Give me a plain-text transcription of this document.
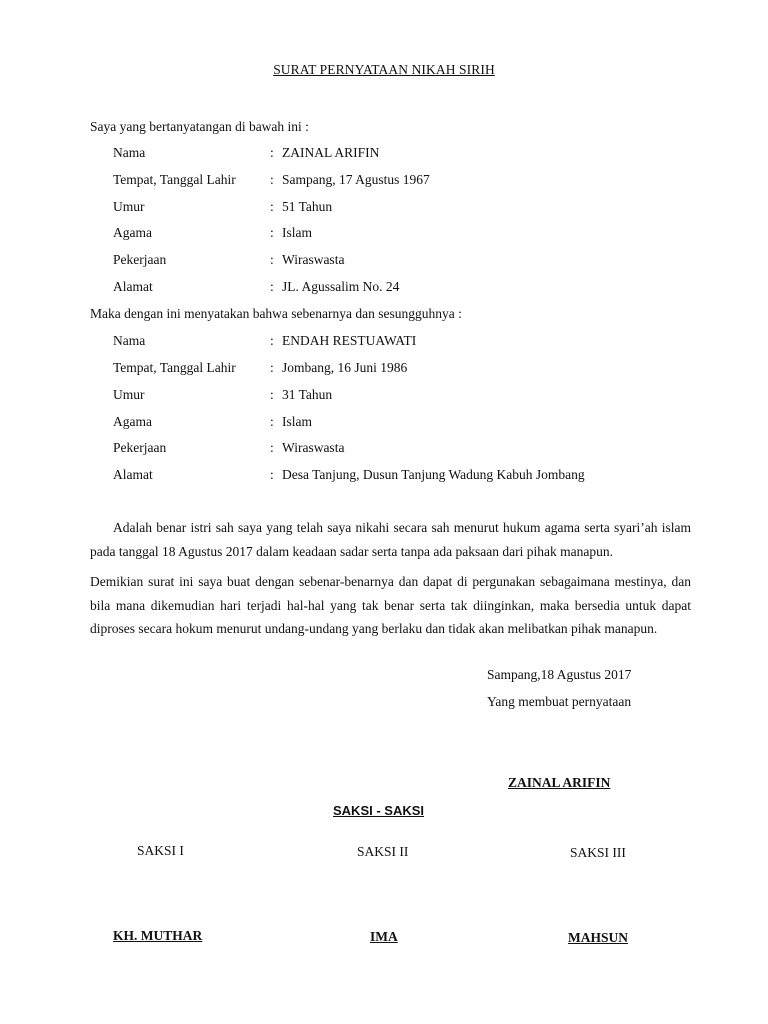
SURAT PERNYATAAN NIKAH SIRIH
Saya yang bertanyatangan di bawah ini :
Nama	: ZAINAL ARIFIN
Tempat, Tanggal Lahir	: Sampang, 17 Agustus 1967
Umur	: 51 Tahun
Agama	: Islam
Pekerjaan	: Wiraswasta
Alamat	: JL. Agussalim No. 24
Maka dengan ini menyatakan bahwa sebenarnya dan sesungguhnya :
Nama	: ENDAH RESTUAWATI
Tempat, Tanggal Lahir	: Jombang, 16 Juni 1986
Umur	: 31 Tahun
Agama	: Islam
Pekerjaan	: Wiraswasta
Alamat	: Desa Tanjung, Dusun Tanjung Wadung Kabuh Jombang
Adalah benar istri sah saya yang telah saya nikahi secara sah menurut hukum agama serta syari’ah islam pada tanggal 18 Agustus 2017 dalam keadaan sadar serta tanpa ada paksaan dari pihak manapun.
Demikian surat ini saya buat dengan sebenar-benarnya dan dapat di pergunakan sebagaimana mestinya, dan bila mana dikemudian hari terjadi hal-hal yang tak benar serta tak diinginkan, maka bersedia untuk dapat diproses secara hokum menurut undang-undang yang berlaku dan tidak akan melibatkan pihak manapun.
Sampang,18 Agustus 2017
Yang membuat pernyataan
ZAINAL ARIFIN
SAKSI - SAKSI
SAKSI I	SAKSI II	SAKSI III
KH. MUTHAR	IMA	MAHSUN
